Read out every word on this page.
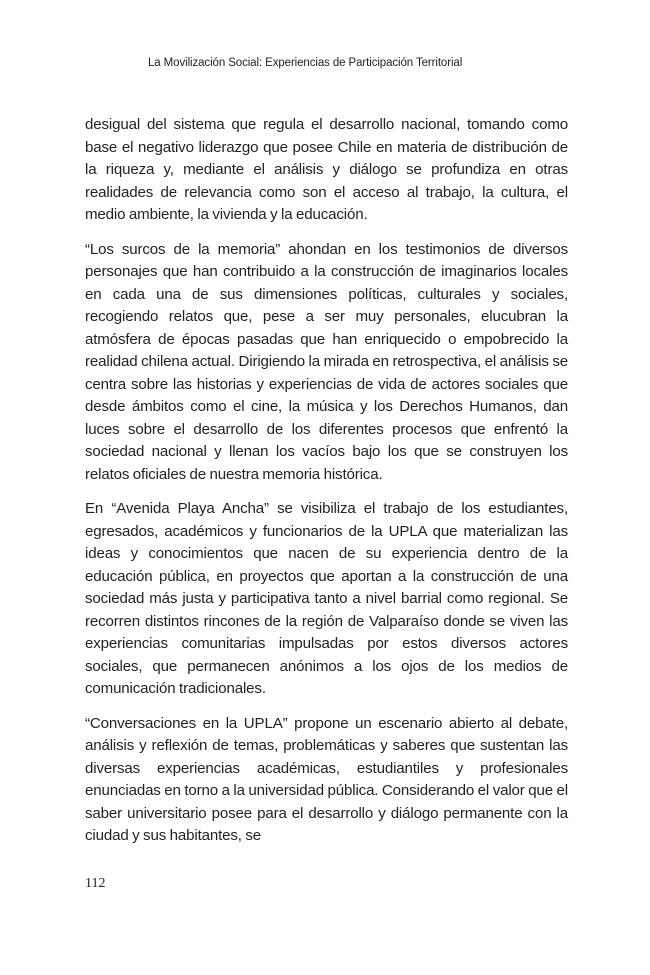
La Movilización Social: Experiencias de Participación Territorial

desigual del sistema que regula el desarrollo nacional, tomando como base el negativo liderazgo que posee Chile en materia de distribución de la riqueza y, mediante el análisis y diálogo se profundiza en otras realidades de relevancia como son el acceso al trabajo, la cultura, el medio ambiente, la vivienda y la educación.

“Los surcos de la memoria” ahondan en los testimonios de diversos personajes que han contribuido a la construcción de imaginarios locales en cada una de sus dimensiones políticas, culturales y sociales, recogiendo relatos que, pese a ser muy personales, elucubran la atmósfera de épocas pasadas que han enriquecido o empobrecido la realidad chilena actual. Dirigiendo la mirada en retrospectiva, el análisis se centra sobre las historias y experiencias de vida de actores sociales que desde ámbitos como el cine, la música y los Derechos Humanos, dan luces sobre el desarrollo de los diferentes procesos que enfrentó la sociedad nacional y llenan los vacíos bajo los que se construyen los relatos oficiales de nuestra memoria histórica.

En “Avenida Playa Ancha” se visibiliza el trabajo de los estudiantes, egresados, académicos y funcionarios de la UPLA que materializan las ideas y conocimientos que nacen de su experiencia dentro de la educación pública, en proyectos que aportan a la construcción de una sociedad más justa y participativa tanto a nivel barrial como regional. Se recorren distintos rincones de la región de Valparaíso donde se viven las experiencias comunitarias impulsadas por estos diversos actores sociales, que permanecen anónimos a los ojos de los medios de comunicación tradicionales.

“Conversaciones en la UPLA” propone un escenario abierto al debate, análisis y reflexión de temas, problemáticas y saberes que sustentan las diversas experiencias académicas, estudiantiles y profesionales enunciadas en torno a la universidad pública. Considerando el valor que el saber universitario posee para el desarrollo y diálogo permanente con la ciudad y sus habitantes, se

112
